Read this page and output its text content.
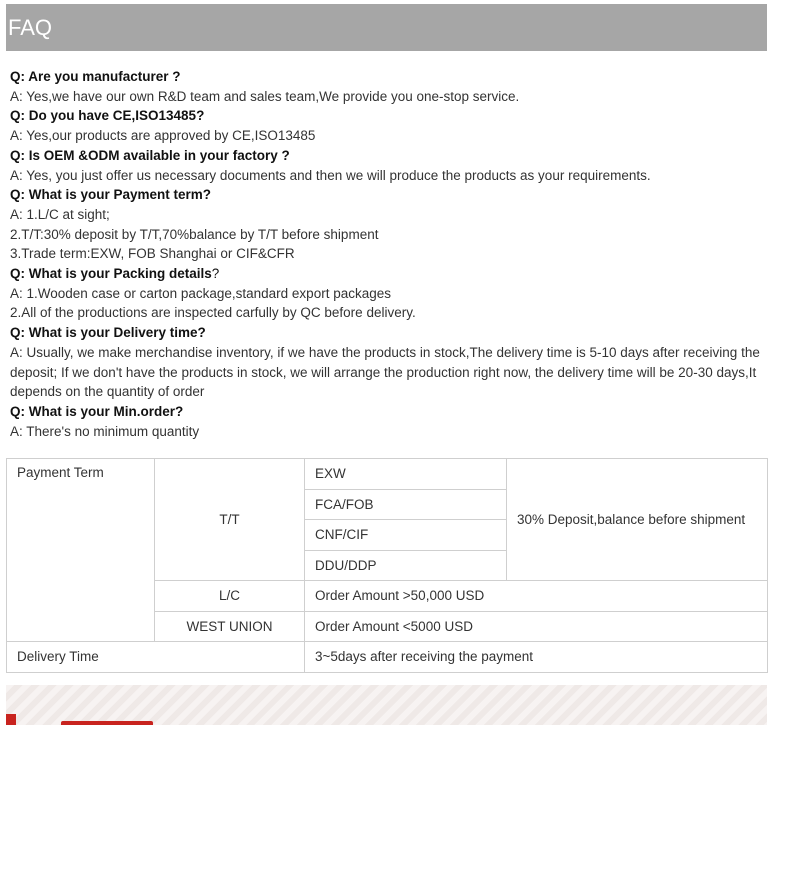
FAQ
Q: Are you manufacturer ?
A: Yes,we have our own R&D team and sales team,We provide you one-stop service.
Q: Do you have CE,ISO13485?
A: Yes,our products are approved by CE,ISO13485
Q: Is OEM &ODM available in your factory ?
A: Yes, you just offer us necessary documents and then we will produce the products as your requirements.
Q: What is your Payment term?
A: 1.L/C at sight;
2.T/T:30% deposit by T/T,70%balance by T/T before shipment
3.Trade term:EXW, FOB Shanghai or CIF&CFR
Q: What is your Packing details?
A: 1.Wooden case or carton package,standard export packages
2.All of the productions are inspected carfully by QC before delivery.
Q: What is your Delivery time?
A: Usually, we make merchandise inventory, if we have the products in stock,The delivery time is 5-10 days after receiving the deposit; If we don't have the products in stock, we will arrange the production right now, the delivery time will be 20-30 days,It depends on the quantity of order
Q: What is your Min.order?
A: There's no minimum quantity
Payment Term	T/T	EXW	30% Deposit,balance before shipment
		FCA/FOB	
		CNF/CIF	
		DDU/DDP	
	L/C	Order Amount >50,000 USD	
	WEST UNION	Order Amount <5000 USD	
Delivery Time		3~5days after receiving the payment	
